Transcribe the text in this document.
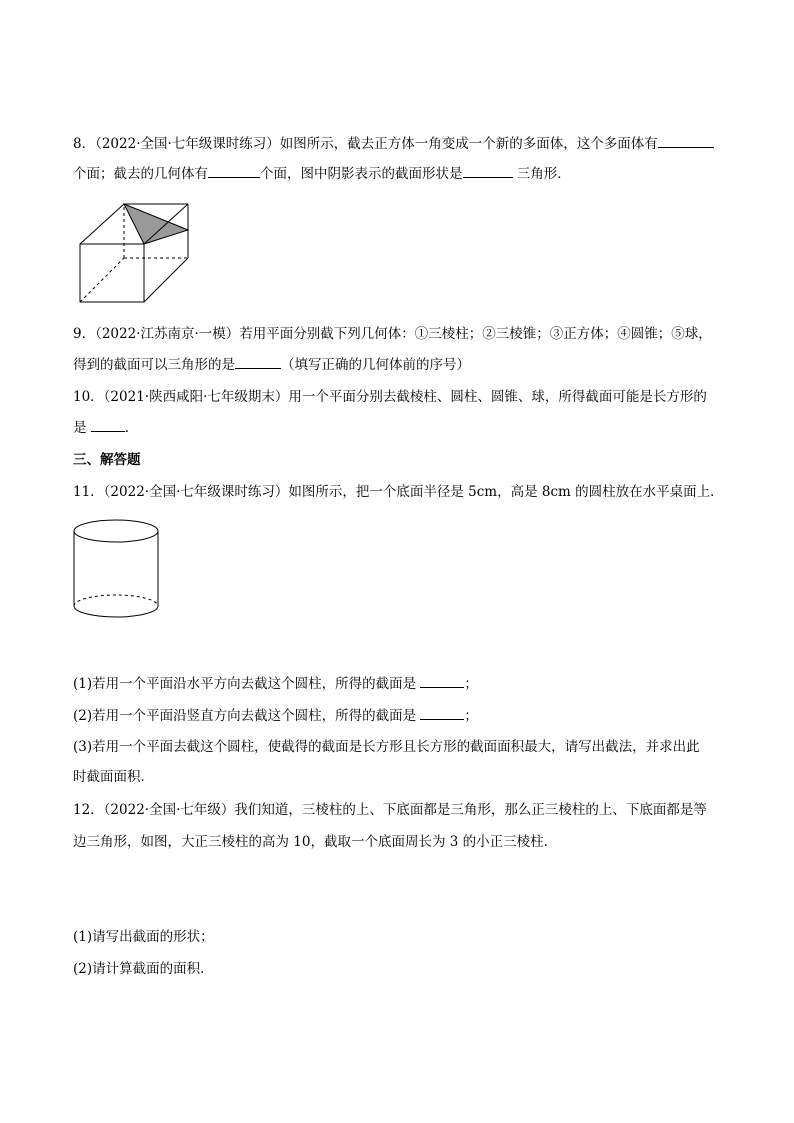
8．（2022·全国·七年级课时练习）如图所示，截去正方体一角变成一个新的多面体，这个多面体有
个面；截去的几何体有	个面，图中阴影表示的截面形状是	三角形．
9．（2022·江苏南京·一模）若用平面分别截下列几何体：①三棱柱；②三棱锥；③正方体；④圆锥；⑤球，
得到的截面可以三角形的是	（填写正确的几何体前的序号）
10．（2021·陕西咸阳·七年级期末）用一个平面分别去截棱柱、圆柱、圆锥、球，所得截面可能是长方形的
是	．
三、解答题
11．（2022·全国·七年级课时练习）如图所示，把一个底面半径是 5cm，高是 8cm 的圆柱放在水平桌面上．
(1)若用一个平面沿水平方向去截这个圆柱，所得的截面是	；
(2)若用一个平面沿竖直方向去截这个圆柱，所得的截面是	；
(3)若用一个平面去截这个圆柱，使截得的截面是长方形且长方形的截面面积最大，请写出截法，并求出此
时截面面积．
12．（2022·全国·七年级）我们知道，三棱柱的上、下底面都是三角形，那么正三棱柱的上、下底面都是等
边三角形，如图，大正三棱柱的高为 10，截取一个底面周长为 3 的小正三棱柱．
(1)请写出截面的形状；
(2)请计算截面的面积．
